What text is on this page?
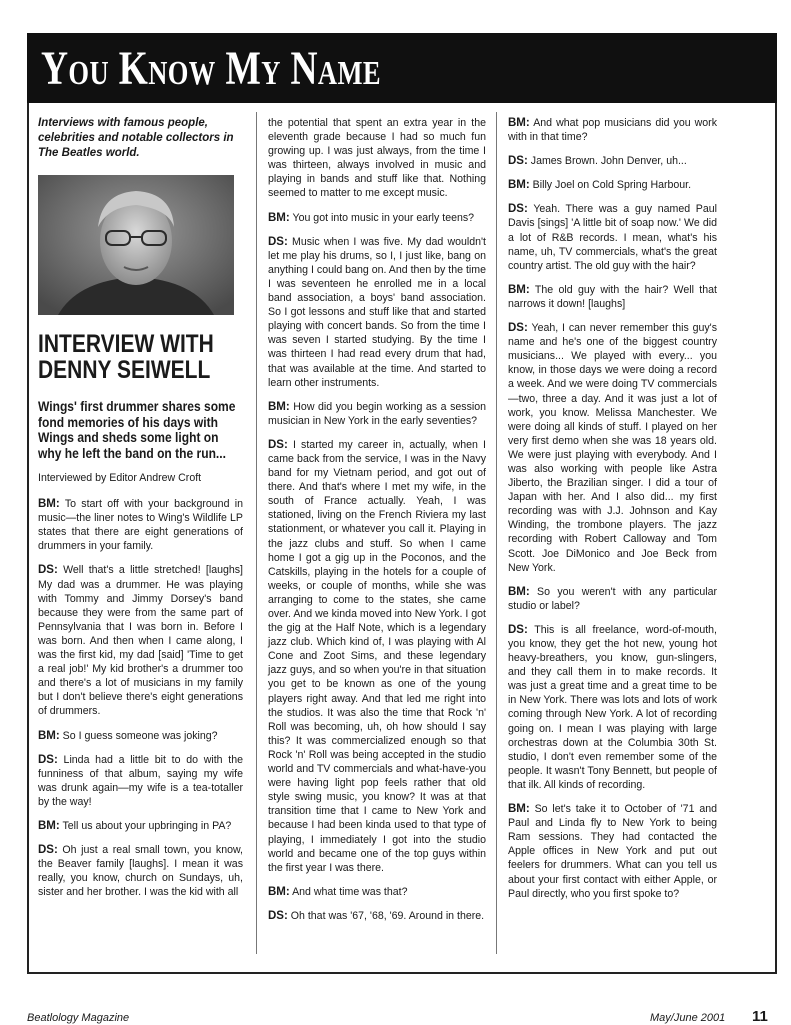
You Know My Name

Interviews with famous people, celebrities and notable collectors in The Beatles world.

INTERVIEW WITH
DENNY SEIWELL
Wings' first drummer shares some fond memories of his days with Wings and sheds some light on why he left the band on the run...
Interviewed by Editor Andrew Croft

BM: To start off with your background in music—the liner notes to Wing's Wildlife LP states that there are eight generations of drummers in your family.

DS: Well that's a little stretched! [laughs] My dad was a drummer. He was playing with Tommy and Jimmy Dorsey's band because they were from the same part of Pennsylvania that I was born in. Before I was born. And then when I came along, I was the first kid, my dad [said] 'Time to get a real job!' My kid brother's a drummer too and there's a lot of musicians in my family but I don't believe there's eight generations of drummers.

BM: So I guess someone was joking?

DS: Linda had a little bit to do with the funniness of that album, saying my wife was drunk again—my wife is a tea-totaller by the way!

BM: Tell us about your upbringing in PA?

DS: Oh just a real small town, you know, the Beaver family [laughs]. I mean it was really, you know, church on Sundays, uh, sister and her brother. I was the kid with all

the potential that spent an extra year in the eleventh grade because I had so much fun growing up. I was just always, from the time I was thirteen, always involved in music and playing in bands and stuff like that. Nothing seemed to matter to me except music.

BM: You got into music in your early teens?

DS: Music when I was five. My dad wouldn't let me play his drums, so I, I just like, bang on anything I could bang on. And then by the time I was seventeen he enrolled me in a local band association, a boys' band association. So I got lessons and stuff like that and started playing with concert bands. So from the time I was seven I started studying. By the time I was thirteen I had read every drum that had, that was available at the time. And started to learn other instruments.

BM: How did you begin working as a session musician in New York in the early seventies?

DS: I started my career in, actually, when I came back from the service, I was in the Navy band for my Vietnam period, and got out of there. And that's where I met my wife, in the south of France actually. Yeah, I was stationed, living on the French Riviera my last stationment, or whatever you call it. Playing in the jazz clubs and stuff. So when I came home I got a gig up in the Poconos, and the Catskills, playing in the hotels for a couple of weeks, or couple of months, while she was arranging to come to the states, she came over. And we kinda moved into New York. I got the gig at the Half Note, which is a legendary jazz club. Which kind of, I was playing with Al Cone and Zoot Sims, and these legendary jazz guys, and so when you're in that situation you get to be known as one of the young players right away. And that led me right into the studios. It was also the time that Rock 'n' Roll was becoming, uh, oh how should I say this? It was commercialized enough so that Rock 'n' Roll was being accepted in the studio world and TV commercials and what-have-you were having light pop feels rather that old style swing music, you know? It was at that transition time that I came to New York and because I had been kinda used to that type of playing, I immediately I got into the studio world and became one of the top guys within the first year I was there.

BM: And what time was that?

DS: Oh that was '67, '68, '69. Around in there.

BM: And what pop musicians did you work with in that time?

DS: James Brown. John Denver, uh...

BM: Billy Joel on Cold Spring Harbour.

DS: Yeah. There was a guy named Paul Davis [sings] 'A little bit of soap now.' We did a lot of R&B records. I mean, what's his name, uh, TV commercials, what's the great country artist. The old guy with the hair?

BM: The old guy with the hair? Well that narrows it down! [laughs]

DS: Yeah, I can never remember this guy's name and he's one of the biggest country musicians... We played with every... you know, in those days we were doing a record a week. And we were doing TV commercials—two, three a day. And it was just a lot of work, you know. Melissa Manchester. We were doing all kinds of stuff. I played on her very first demo when she was 18 years old. We were just playing with everybody. And I was also working with people like Astra Jiberto, the Brazilian singer. I did a tour of Japan with her. And I also did... my first recording was with J.J. Johnson and Kay Winding, the trombone players. The jazz recording with Robert Calloway and Tom Scott. Joe DiMonico and Joe Beck from New York.

BM: So you weren't with any particular studio or label?

DS: This is all freelance, word-of-mouth, you know, they get the hot new, young hot heavy-breathers, you know, gun-slingers, and they call them in to make records. It was just a great time and a great time to be in New York. There was lots and lots of work coming through New York. A lot of recording going on. I mean I was playing with large orchestras down at the Columbia 30th St. studio, I don't even remember some of the people. It wasn't Tony Bennett, but people of that ilk. All kinds of recording.

BM: So let's take it to October of '71 and Paul and Linda fly to New York to being Ram sessions. They had contacted the Apple offices in New York and put out feelers for drummers. What can you tell us about your first contact with either Apple, or Paul directly, who you first spoke to?

Beatlology Magazine	May/June 2001 11
